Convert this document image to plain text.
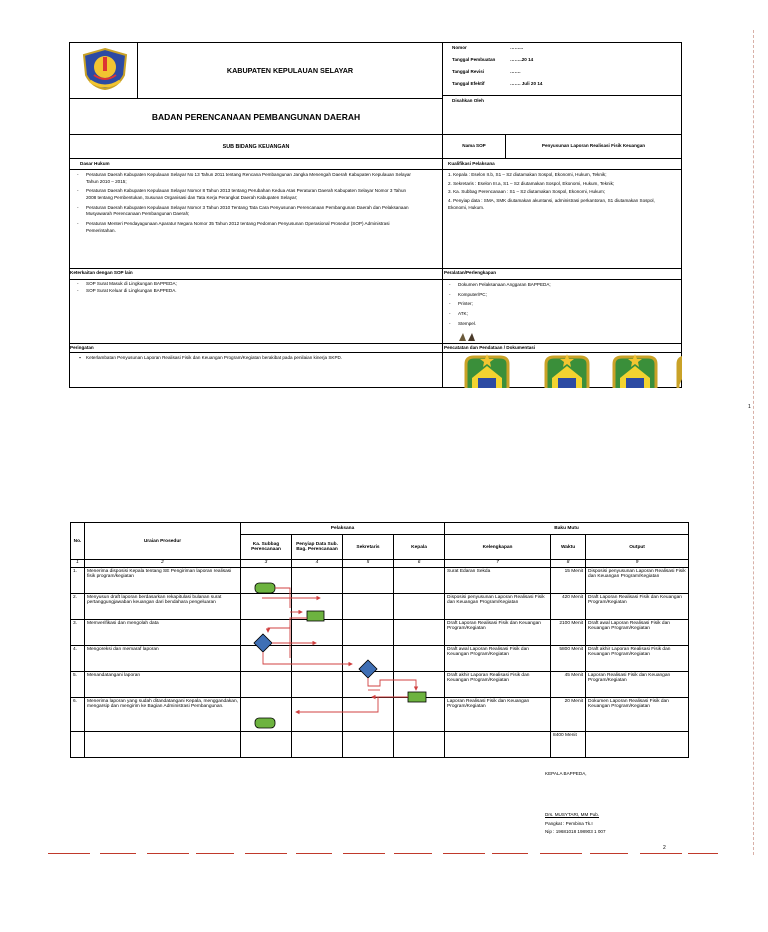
KABUPATEN KEPULAUAN SELAYAR
BADAN PERENCANAAN PEMBANGUNAN DAERAH
SUB BIDANG KEUANGAN
Nomor	……...
Tanggal Pembuatan	……..20 14
Tanggal Revisi	…….
Tanggal Efektif	……. Juli 20 14
Disahkan Oleh
Nama SOP	Penyusunan Laporan Realisasi Fisik Keuangan
Dasar Hukum	Kualifikasi Pelaksana
- Peraturan Daerah Kabupaten Kepulauan Selayar No 13 Tahun 2011 tentang Rencana Pembangunan Jangka Menengah Daerah Kabupaten Kepulauan Selayar Tahun 2010 – 2015;
- Peraturan Daerah Kabupaten Kepulauan Selayar Nomor 8 Tahun 2013 tentang Perubahan Kedua Atas Peraturan Daerah Kabupaten Selayar Nomor 3 Tahun 2008 tentang Pembentukan, Susunan Organisasi dan Tata Kerja Perangkat Daerah Kabupaten Selayar;
- Peraturan Daerah Kabupaten Kepulauan Selayar Nomor 3 Tahun 2010 Tentang Tata Cara Penyusunan Perencanaan Pembangunan Daerah dan Pelaksanaan Musyawarah Perencanaan Pembangunan Daerah;
- Peraturan Menteri Pendayagunaan Aparatur Negara Nomor 35 Tahun 2012 tentang Pedoman Penyusunan Operasional Prosedur (SOP) Administrasi Pemerintahan.
1. Kepala : Eselon II.b, S1 – S2 diutamakan Sospol, Ekonomi, Hukum, Teknik;
2. Sekretaris : Eselon III.a, S1 – S2 diutamakan Sospol, Ekonomi, Hukum, Teknik;
3. Ka. Subbag Perencanaan : S1 – S2 diutamakan Sospol, Ekonomi, Hukum;
4. Penyiap data : SMA, SMK diutamakan akuntansi, administrasi perkantoran, S1 diutamakan Sospol, Ekonomi, Hukum.
Keterkaitan dengan SOP lain	Peralatan/Perlengkapan
- SOP Surat Masuk di Lingkungan BAPPEDA;
- SOP Surat Keluar di Lingkungan BAPPEDA.
- Dokumen Pelaksanaan Anggaran BAPPEDA;
- Komputer/PC;
- Printer;
- ATK;
- Stempel.
Peringatan	Pencatatan dan Pendataan / Dokumentasi
▪	Keterlambatan Penyusunan Laporan Realisasi Fisik dan Keuangan Program/Kegiatan berakibat pada penilaian kinerja SKPD.
1
No.	Uraian Prosedur	Pelaksana				Baku Mutu		
		Ka. Subbag Perencanaan	Penyiap Data Sub. Bag. Perencanaan	Sekretaris	Kepala	Kelengkapan	Waktu	Output
1	2	3	4	5	6	7	8	9
1.	Menerima disposisi Kepala tentang SE Pengiriman laporan realisasi fisik program/kegiatan					Surat Edaran Sekda	15 Menit	Disposisi penyusunan Laporan Realisasi Fisik dan Keuangan Program/Kegiatan
2.	Menyusun draft laporan berdasarkan rekapitulasi bulanan surat pertanggungjawaban keuangan dari bendahara pengeluaran					Disposisi penyusunan Laporan Realisasi Fisik dan Keuangan Program/Kegiatan	420 Menit	Draft Laporan Realisasi Fisik dan Keuangan Program/Kegiatan
3.	Memverifikasi dan mengolah data					Draft Laporan Realisasi Fisik dan Keuangan Program/Kegiatan	2100 Menit	Draft awal Laporan Realisasi Fisik dan Keuangan Program/Kegiatan
4.	Mengoreksi dan memaraf laporan					Draft awal Laporan Realisasi Fisik dan Keuangan Program/Kegiatan	5800 Menit	Draft akhir Laporan Realisasi Fisik dan Keuangan Program/Kegiatan
5.	Menandatangani laporan					Draft akhir Laporan Realisasi Fisik dan Keuangan Program/Kegiatan	45 Menit	Laporan Realisasi Fisik dan Keuangan Program/Kegiatan
6.	Menerima laporan yang sudah ditandatangani Kepala, menggandakan, mengarsip dan mengirim ke Bagian Administrasi Pembangunan.					Laporan Realisasi Fisik dan Keuangan Program/Kegiatan	20 Menit	Dokumen Laporan Realisasi Fisik dan Keuangan Program/Kegiatan
							8400 Menit	
KEPALA BAPPEDA,
Drs. MUSYTARI, MM Pub.
Pangkat : Pembina Tk.I
Nip : 19681018 198903 1 007
2
